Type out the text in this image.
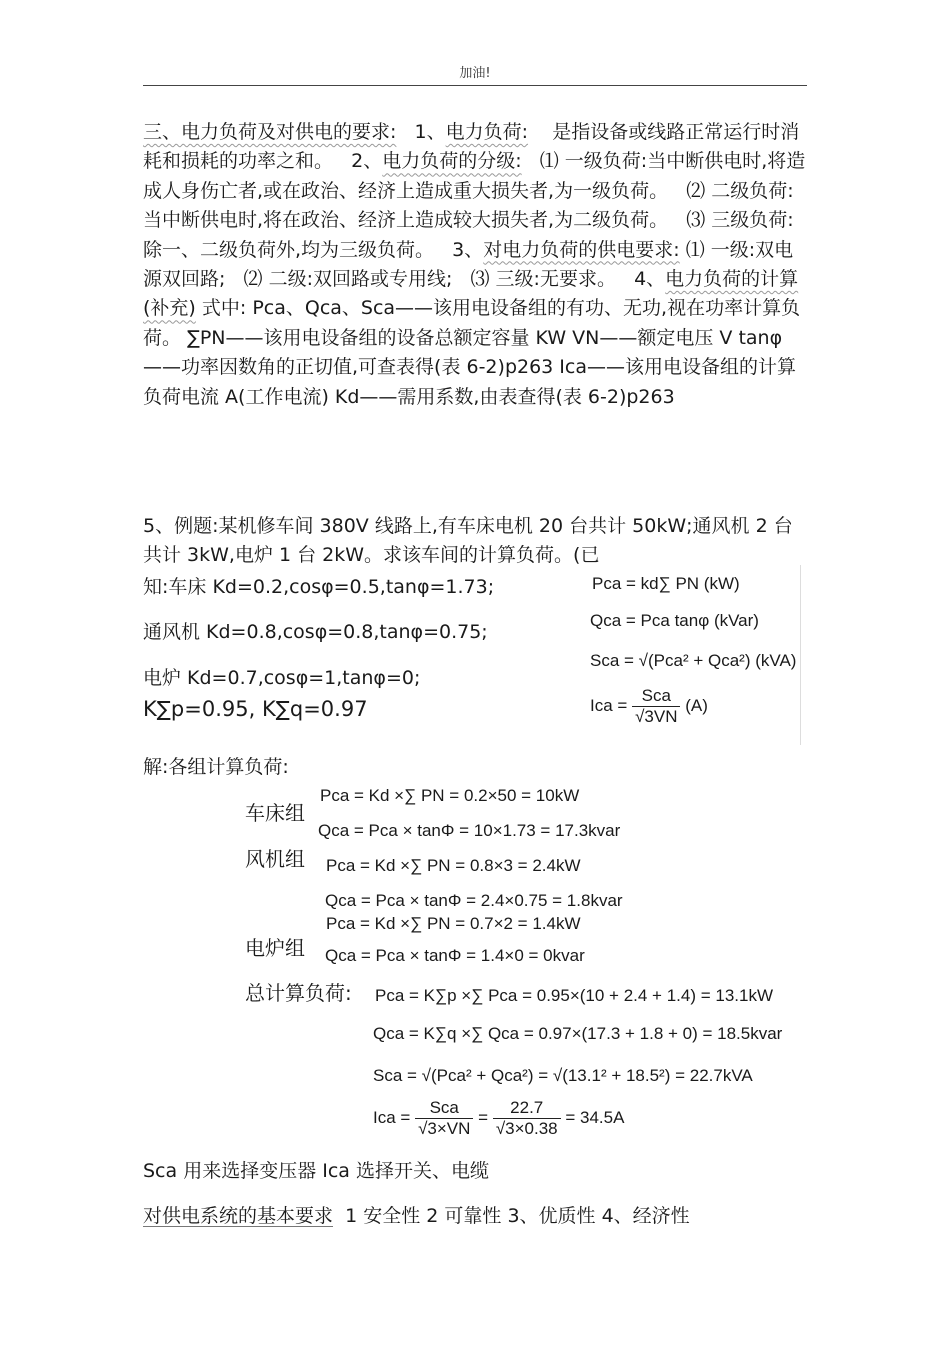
加油!
三、电力负荷及对供电的要求: 1、电力负荷: 是指设备或线路正常运行时消耗和损耗的功率之和。 2、电力负荷的分级: ⑴ 一级负荷:当中断供电时,将造成人身伤亡者,或在政治、经济上造成重大损失者,为一级负荷。 ⑵ 二级负荷:当中断供电时,将在政治、经济上造成较大损失者,为二级负荷。 ⑶ 三级负荷:除一、二级负荷外,均为三级负荷。 3、对电力负荷的供电要求: ⑴ 一级:双电源双回路; ⑵ 二级:双回路或专用线; ⑶ 三级:无要求。 4、电力负荷的计算(补充) 式中: Pca、Qca、Sca——该用电设备组的有功、无功,视在功率计算负荷。 ∑PN——该用电设备组的设备总额定容量 KW VN——额定电压 V tanφ——功率因数角的正切值,可查表得(表 6-2)p263 Ica——该用电设备组的计算负荷电流 A(工作电流) Kd——需用系数,由表查得(表 6-2)p263
5、例题:某机修车间 380V 线路上,有车床电机 20 台共计 50kW;通风机 2 台共计 3kW,电炉 1 台 2kW。求该车间的计算负荷。(已
知:车床 Kd=0.2,cosφ=0.5,tanφ=1.73;
通风机 Kd=0.8,cosφ=0.8,tanφ=0.75;
电炉 Kd=0.7,cosφ=1,tanφ=0;
K∑p=0.95, K∑q=0.97
Pca = kd∑ PN (kW)
Qca = Pca tanφ (kVar)
Sca = √(Pca² + Qca²) (kVA)
Ica = $\frac{\text{Sca}}{√3VN} (A)$
解:各组计算负荷:
车床组
Pca = Kd ×∑ PN = 0.2×50 = 10kW
Qca = Pca × tanΦ = 10×1.73 = 17.3kvar
风机组 Pca = Kd ×∑ PN = 0.8×3 = 2.4kW
Qca = Pca × tanΦ = 2.4×0.75 = 1.8kvar
电炉组
Pca = Kd ×∑ PN = 0.7×2 = 1.4kW
Qca = Pca × tanΦ = 1.4×0 = 0kvar
总计算负荷: Pca = K∑p ×∑ Pca = 0.95×(10 + 2.4 + 1.4) = 13.1kW
Qca = K∑q ×∑ Qca = 0.97×(17.3 + 1.8 + 0) = 18.5kvar
Sca = √(Pca² + Qca²) = √(13.1² + 18.5²) = 22.7kVA
Ica = $\frac{\text{Sca}}{√3\times VN} = \frac{22.7}{√3\times 0.38} = 34.5A$
Sca 用来选择变压器 Ica 选择开关、电缆
对供电系统的基本要求 1 安全性 2 可靠性 3、优质性 4、经济性
